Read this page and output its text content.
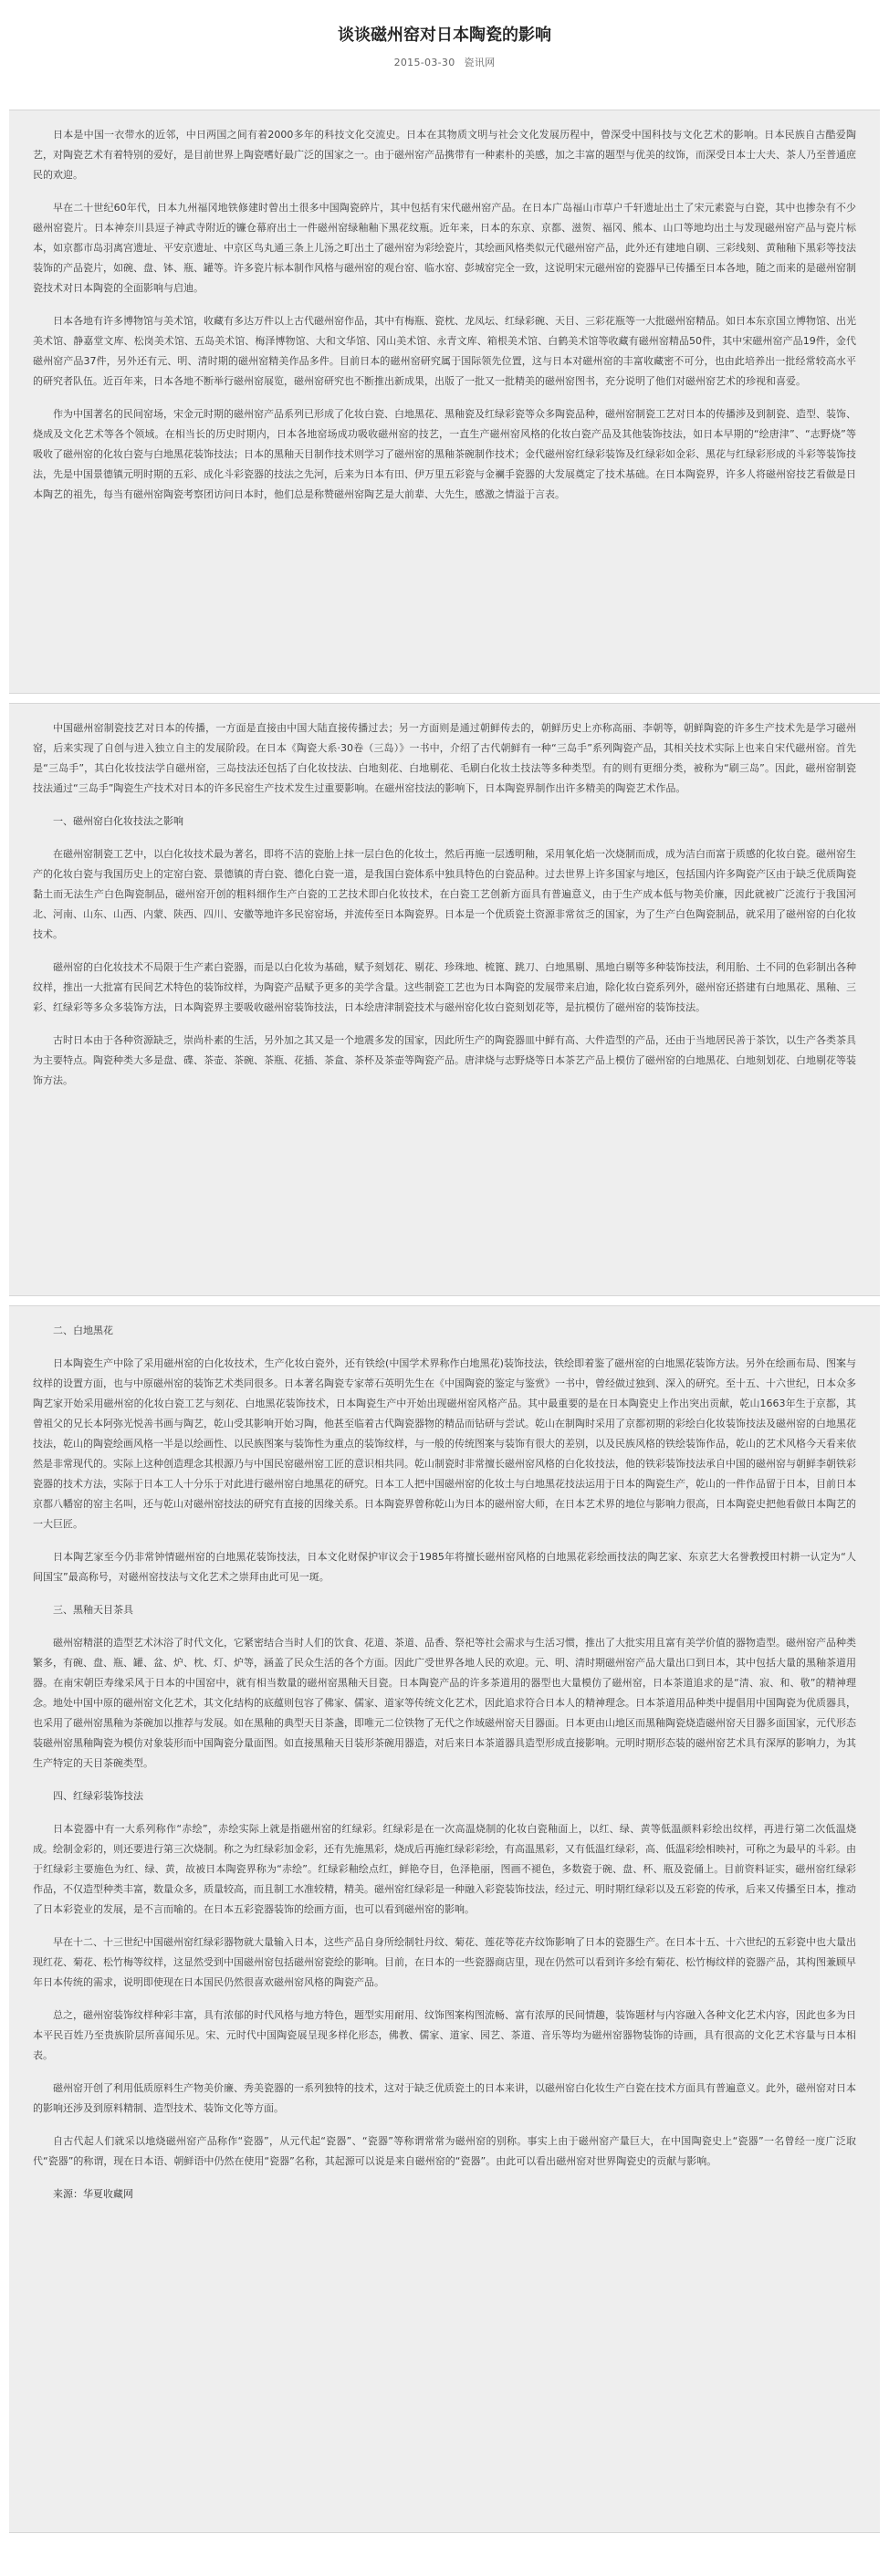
谈谈磁州窑对日本陶瓷的影响
2015-03-30 瓷讯网

日本是中国一衣带水的近邻，中日两国之间有着2000多年的科技文化交流史。日本在其物质文明与社会文化发展历程中，曾深受中国科技与文化艺术的影响。日本民族自古酷爱陶艺，对陶瓷艺术有着特别的爱好，是目前世界上陶瓷嗜好最广泛的国家之一。由于磁州窑产品携带有一种素朴的美感，加之丰富的题型与优美的纹饰，而深受日本士大夫、茶人乃至普通庶民的欢迎。

早在二十世纪60年代，日本九州福冈地铁修建时曾出土很多中国陶瓷碎片，其中包括有宋代磁州窑产品。在日本广岛福山市草户千轩遗址出土了宋元素瓷与白瓷，其中也掺杂有不少磁州窑瓷片。日本神奈川县逗子神武寺附近的镰仓幕府出土一件磁州窑绿釉釉下黑花纹瓶。近年来，日本的东京、京都、滋贺、福冈、熊本、山口等地均出土与发现磁州窑产品与瓷片标本，如京都市岛羽离宫遗址、平安京遗址、中京区鸟丸通三条上儿汤之町出土了磁州窑为彩绘瓷片，其绘画风格类似元代磁州窑产品，此外还有建地自刷、三彩线刻、黄釉釉下黑彩等技法装饰的产品瓷片，如碗、盘、钵、瓶、罐等。许多瓷片标本制作风格与磁州窑的观台窑、临水窑、彭城窑完全一致，这说明宋元磁州窑的瓷器早已传播至日本各地，随之而来的是磁州窑制瓷技术对日本陶瓷的全面影响与启迪。

日本各地有许多博物馆与美术馆，收藏有多达万件以上古代磁州窑作品，其中有梅瓶、瓷枕、龙凤坛、红绿彩碗、天目、三彩花瓶等一大批磁州窑精品。如日本东京国立博物馆、出光美术馆、静嘉堂文库、松岗美术馆、五岛美术馆、梅泽博物馆、大和文华馆、冈山美术馆、永青文库、箱根美术馆、白鹤美术馆等收藏有磁州窑精品50件，其中宋磁州窑产品19件，金代磁州窑产品37件，另外还有元、明、清时期的磁州窑精美作品多件。目前日本的磁州窑研究属于国际领先位置，这与日本对磁州窑的丰富收藏密不可分，也由此培养出一批经常较高水平的研究者队伍。近百年来，日本各地不断举行磁州窑展览，磁州窑研究也不断推出新成果，出版了一批又一批精美的磁州窑图书，充分说明了他们对磁州窑艺术的珍视和喜爱。

作为中国著名的民间窑场，宋金元时期的磁州窑产品系列已形成了化妆白瓷、白地黑花、黑釉瓷及红绿彩瓷等众多陶瓷品种，磁州窑制瓷工艺对日本的传播涉及到制瓷、造型、装饰、烧成及文化艺术等各个领域。在相当长的历史时期内，日本各地窑场成功吸收磁州窑的技艺，一直生产磁州窑风格的化妆白瓷产品及其他装饰技法，如日本早期的“绘唐津”、“志野烧”等吸收了磁州窑的化妆白瓷与白地黑花装饰技法；日本的黑釉天目制作技术则学习了磁州窑的黑釉茶碗制作技术；金代磁州窑红绿彩装饰及红绿彩如金彩、黑花与红绿彩形成的斗彩等装饰技法，先是中国景德镇元明时期的五彩、成化斗彩瓷器的技法之先河，后来为日本有田、伊万里五彩瓷与金襕手瓷器的大发展奠定了技术基础。在日本陶瓷界，许多人将磁州窑技艺看做是日本陶艺的祖先，每当有磁州窑陶瓷考察团访问日本时，他们总是称赞磁州窑陶艺是大前辈、大先生，感激之情溢于言表。

中国磁州窑制瓷技艺对日本的传播，一方面是直接由中国大陆直接传播过去；另一方面则是通过朝鲜传去的，朝鲜历史上亦称高丽、李朝等，朝鲜陶瓷的许多生产技术先是学习磁州窑，后来实现了自创与进入独立自主的发展阶段。在日本《陶瓷大系·30卷（三岛）》一书中，介绍了古代朝鲜有一种“三岛手”系列陶瓷产品，其相关技术实际上也来自宋代磁州窑。首先是“三岛手”，其白化妆技法学自磁州窑，三岛技法还包括了白化妆技法、白地刻花、白地剔花、毛刷白化妆土技法等多种类型。有的则有更细分类，被称为“刷三岛”。因此，磁州窑制瓷技法通过“三岛手”陶瓷生产技术对日本的许多民窑生产技术发生过重要影响。在磁州窑技法的影响下，日本陶瓷界制作出许多精美的陶瓷艺术作品。

一、磁州窑白化妆技法之影响

在磁州窑制瓷工艺中，以白化妆技术最为著名，即将不洁的瓷胎上抹一层白色的化妆土，然后再施一层透明釉，采用氧化焰一次烧制而成，成为洁白而富于质感的化妆白瓷。磁州窑生产的化妆白瓷与我国历史上的定窑白瓷、景德镇的青白瓷、德化白瓷一道，是我国白瓷体系中独具特色的白瓷品种。过去世界上许多国家与地区，包括国内许多陶瓷产区由于缺乏优质陶瓷黏土而无法生产白色陶瓷制品，磁州窑开创的粗料细作生产白瓷的工艺技术即白化妆技术，在白瓷工艺创新方面具有普遍意义，由于生产成本低与物美价廉，因此就被广泛流行于我国河北、河南、山东、山西、内蒙、陕西、四川、安徽等地许多民窑窑场，并流传至日本陶瓷界。日本是一个优质瓷土资源非常贫乏的国家，为了生产白色陶瓷制品，就采用了磁州窑的白化妆技术。

磁州窑的白化妆技术不局限于生产素白瓷器，而是以白化妆为基础，赋予刻划花、剔花、珍珠地、梳篦、跳刀、白地黑剔、黑地白剔等多种装饰技法，利用胎、土不同的色彩制出各种纹样，推出一大批富有民间艺术特色的装饰纹样，为陶瓷产品赋予更多的美学含量。这些制瓷工艺也为日本陶瓷的发展带来启迪，除化妆白瓷系列外，磁州窑还搭建有白地黑花、黑釉、三彩、红绿彩等多众多装饰方法，日本陶瓷界主要吸收磁州窑装饰技法，日本绘唐津制瓷技术与磁州窑化妆白瓷刻划花等，是抗模仿了磁州窑的装饰技法。

古时日本由于各种资源缺乏，崇尚朴素的生活，另外加之其又是一个地震多发的国家，因此所生产的陶瓷器皿中鲜有高、大件造型的产品，还由于当地居民善于茶饮，以生产各类茶具为主要特点。陶瓷种类大多是盘、碟、茶壶、茶碗、茶瓶、花插、茶盒、茶杯及茶壶等陶瓷产品。唐津烧与志野烧等日本茶艺产品上模仿了磁州窑的白地黑花、白地刻划花、白地剔花等装饰方法。

二、白地黑花

日本陶瓷生产中除了采用磁州窑的白化妆技术，生产化妆白瓷外，还有铁绘(中国学术界称作白地黑花)装饰技法，铁绘即着鉴了磁州窑的白地黑花装饰方法。另外在绘画布局、图案与纹样的设置方面，也与中原磁州窑的装饰艺术类同很多。日本著名陶瓷专家蒂石英明先生在《中国陶瓷的鉴定与鉴赏》一书中，曾经做过独到、深入的研究。至十五、十六世纪，日本众多陶艺家开始采用磁州窑的化妆白瓷工艺与刻花、白地黑花装饰技术，日本陶瓷生产中开始出现磁州窑风格产品。其中最重要的是在日本陶瓷史上作出突出贡献，乾山1663年生于京都，其曾祖父的兄长本阿弥光悦善书画与陶艺，乾山受其影响开始习陶，他甚至临着古代陶瓷器物的精品而钻研与尝试。乾山在制陶时采用了京都初期的彩绘白化妆装饰技法及磁州窑的白地黑花技法，乾山的陶瓷绘画风格一半是以绘画性、以民族图案与装饰性为重点的装饰纹样，与一般的传统图案与装饰有很大的差别，以及民族风格的铁绘装饰作品，乾山的艺术风格今天看来依然是非常现代的。实际上这种创造理念其根源乃与中国民窑磁州窑工匠的意识相共同。乾山制瓷时非常擅长磁州窑风格的白化妆技法，他的铁彩装饰技法承自中国的磁州窑与朝鲜李朝铁彩瓷器的技术方法，实际于日本工人十分乐于对此进行磁州窑白地黑花的研究。日本工人把中国磁州窑的化妆土与白地黑花技法运用于日本的陶瓷生产，乾山的一件作品留于日本，目前日本京都八幡窑的窑主名叫，还与乾山对磁州窑技法的研究有直接的因缘关系。日本陶瓷界曾称乾山为日本的磁州窑大师，在日本艺术界的地位与影响力很高，日本陶瓷史把他看做日本陶艺的一大巨匠。

日本陶艺家至今仍非常钟情磁州窑的白地黑花装饰技法，日本文化财保护审议会于1985年将擅长磁州窑风格的白地黑花彩绘画技法的陶艺家、东京艺大名誉教授田村耕一认定为“人间国宝”最高称号，对磁州窑技法与文化艺术之崇拜由此可见一斑。

三、黑釉天目茶具

磁州窑精湛的造型艺术沐浴了时代文化，它紧密结合当时人们的饮食、花道、茶道、品香、祭祀等社会需求与生活习惯，推出了大批实用且富有美学价值的器物造型。磁州窑产品种类繁多，有碗、盘、瓶、罐、盆、炉、枕、灯、炉等，涵盖了民众生活的各个方面。因此广受世界各地人民的欢迎。元、明、清时期磁州窑产品大量出口到日本，其中包括大量的黑釉茶道用器。在南宋朝臣寿缘采风于日本的中国窑中，就有相当数量的磁州窑黑釉天目瓷。日本陶瓷产品的许多茶道用的器型也大量模仿了磁州窑，日本茶道追求的是“清、寂、和、敬”的精神理念。地处中国中原的磁州窑文化艺术，其文化结构的底蕴则包容了佛家、儒家、道家等传统文化艺术，因此追求符合日本人的精神理念。日本茶道用品种类中提倡用中国陶瓷为优质器具，也采用了磁州窑黑釉为茶碗加以推荐与发展。如在黑釉的典型天目茶盏，即唯元二位铁物了无代之作域磁州窑天目器面。日本更由山地区而黑釉陶瓷烧造磁州窑天目器多面国家，元代形态装磁州窑黑釉陶瓷为模仿对象装形而中国陶瓷分量面图。如直接黑釉天目装形茶碗用器造，对后来日本茶道器具造型形成直接影响。元明时期形态装的磁州窑艺术具有深厚的影响力，为其生产特定的天目茶碗类型。

四、红绿彩装饰技法

日本瓷器中有一大系列称作“赤绘”，赤绘实际上就是指磁州窑的红绿彩。红绿彩是在一次高温烧制的化妆白瓷釉面上，以红、绿、黄等低温颜料彩绘出纹样，再进行第二次低温烧成。绘制金彩的，则还要进行第三次烧制。称之为红绿彩加金彩，还有先施黑彩，烧成后再施红绿彩彩绘，有高温黑彩，又有低温红绿彩，高、低温彩绘相映衬，可称之为最早的斗彩。由于红绿彩主要施色为红、绿、黄，故被日本陶瓷界称为“赤绘”。红绿彩釉绘点红，鲜艳夺目，色泽艳丽，图画不褪色，多数瓷于碗、盘、杯、瓶及瓷俑上。目前资料证实，磁州窑红绿彩作品，不仅造型种类丰富，数量众多，质量较高，而且制工水准较精，精美。磁州窑红绿彩是一种融入彩瓷装饰技法，经过元、明时期红绿彩以及五彩瓷的传承，后来又传播至日本，推动了日本彩瓷业的发展，是不言而喻的。在日本五彩瓷器装饰的绘画方面，也可以看到磁州窑的影响。

早在十二、十三世纪中国磁州窑红绿彩器物就大量输入日本，这些产品自身所绘制牡丹纹、菊花、莲花等花卉纹饰影响了日本的瓷器生产。在日本十五、十六世纪的五彩瓷中也大量出现红花、菊花、松竹梅等纹样，这显然受到中国磁州窑包括磁州窑瓷绘的影响。目前，在日本的一些瓷器商店里，现在仍然可以看到许多绘有菊花、松竹梅纹样的瓷器产品，其构图兼顾早年日本传统的需求，说明即使现在日本国民仍然很喜欢磁州窑风格的陶瓷产品。

总之，磁州窑装饰纹样种彩丰富，具有浓郁的时代风格与地方特色，题型实用耐用、纹饰图案构图流畅、富有浓厚的民间情趣，装饰题材与内容融入各种文化艺术内容，因此也多为日本平民百姓乃至贵族阶层所喜闻乐见。宋、元时代中国陶瓷展呈现多样化形态，佛教、儒家、道家、园艺、茶道、音乐等均为磁州窑器物装饰的诗画，具有很高的文化艺术容量与日本相表。

磁州窑开创了利用低质原料生产物美价廉、秀美瓷器的一系列独特的技术，这对于缺乏优质瓷土的日本来讲，以磁州窑白化妆生产白瓷在技术方面具有普遍意义。此外，磁州窑对日本的影响还涉及到原料精制、造型技术、装饰文化等方面。

自古代起人们就采以地烧磁州窑产品称作“瓷器”，从元代起“瓷器”、“瓷器”等称谓常常为磁州窑的别称。事实上由于磁州窑产量巨大，在中国陶瓷史上“瓷器”一名曾经一度广泛取代“瓷器”的称谓，现在日本语、朝鲜语中仍然在使用“瓷器”名称，其起源可以说是来自磁州窑的“瓷器”。由此可以看出磁州窑对世界陶瓷史的贡献与影响。

来源：华夏收藏网
